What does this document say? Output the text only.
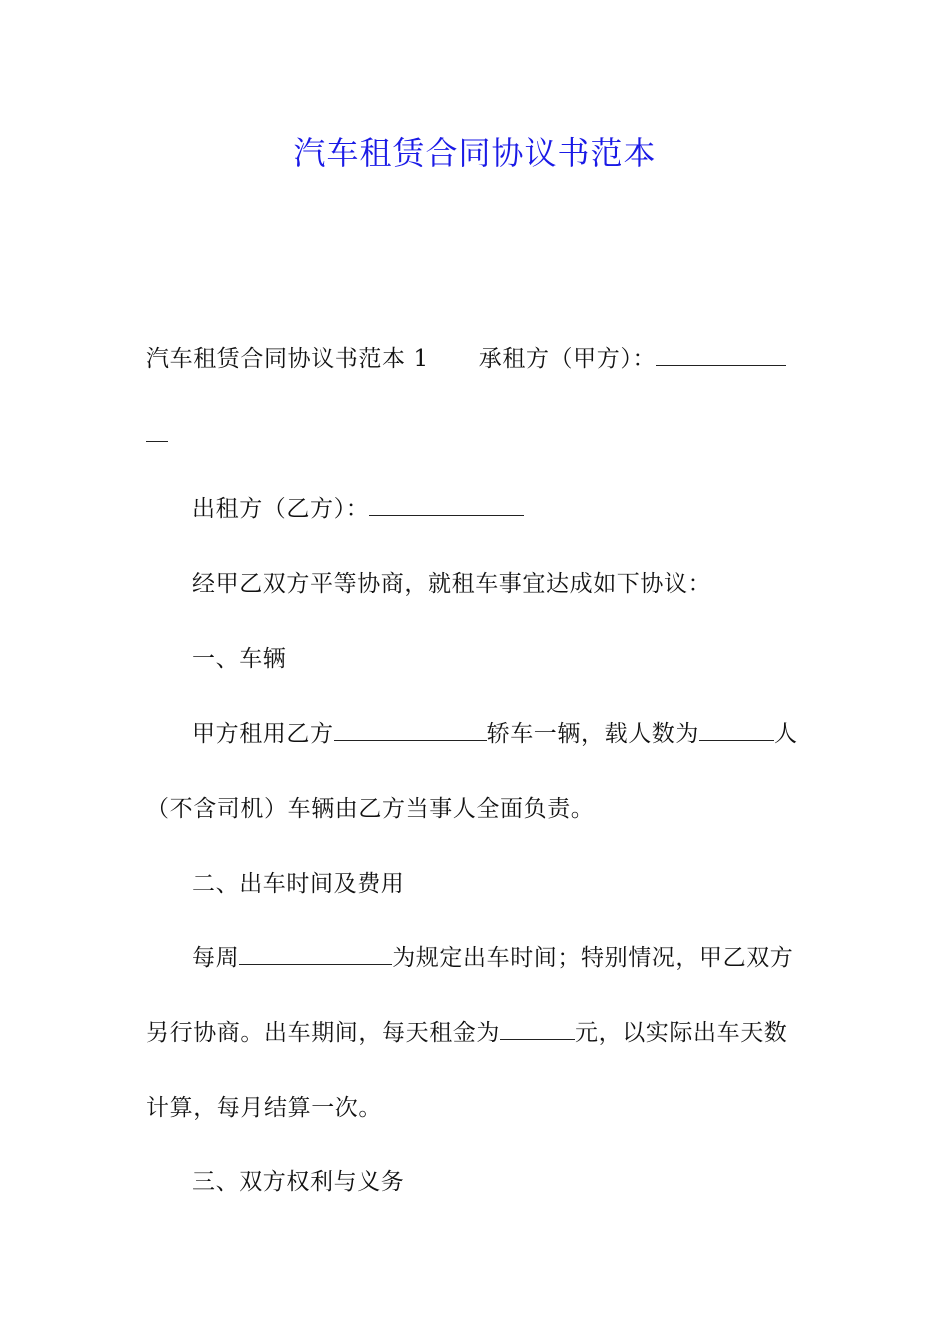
汽车租赁合同协议书范本
汽车租赁合同协议书范本 1 承租方（甲方）：
出租方（乙方）：
经甲乙双方平等协商，就租车事宜达成如下协议：
一、车辆
甲方租用乙方	轿车一辆，载人数为	人
（不含司机）车辆由乙方当事人全面负责。
二、出车时间及费用
每周	为规定出车时间；特别情况，甲乙双方
另行协商。出车期间，每天租金为	元，以实际出车天数
计算，每月结算一次。
三、双方权利与义务
